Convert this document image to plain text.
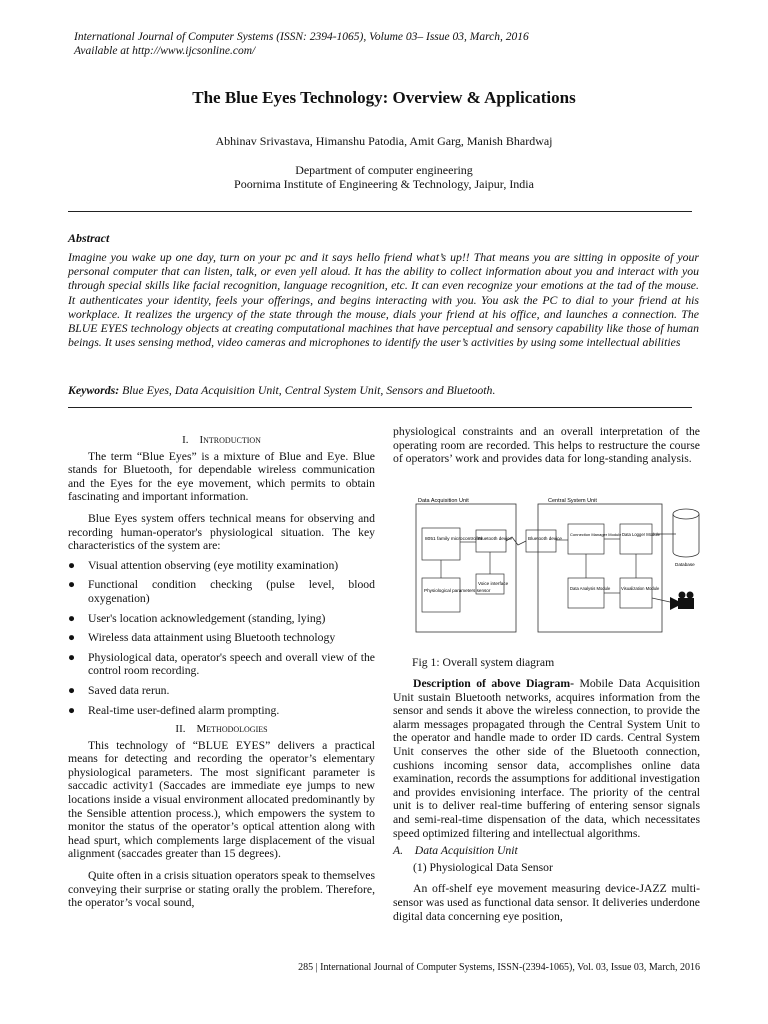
International Journal of Computer Systems (ISSN: 2394-1065), Volume 03– Issue 03, March, 2016
Available at http://www.ijcsonline.com/
The Blue Eyes Technology: Overview & Applications
Abhinav Srivastava, Himanshu Patodia, Amit Garg, Manish Bhardwaj
Department of computer engineering
Poornima Institute of Engineering & Technology, Jaipur, India
Abstract

Imagine you wake up one day, turn on your pc and it says hello friend what’s up!! That means you are sitting in opposite of your personal computer that can listen, talk, or even yell aloud. It has the ability to collect information about you and interact with you through special skills like facial recognition, language recognition, etc. It can even recognize your emotions at the tad of the mouse. It authenticates your identity, feels your offerings, and begins interacting with you. You ask the PC to dial to your friend at his workplace. It realizes the urgency of the state through the mouse, dials your friend at his office, and launches a connection. The BLUE EYES technology objects at creating computational machines that have perceptual and sensory capability like those of human beings. It uses sensing method, video cameras and microphones to identify the user’s activities by using some intellectual abilities

Keywords: Blue Eyes, Data Acquisition Unit, Central System Unit, Sensors and Bluetooth.

I. Introduction

The term “Blue Eyes” is a mixture of Blue and Eye. Blue stands for Bluetooth, for dependable wireless communication and the Eyes for the eye movement, which permits to obtain fascinating and important information.

Blue Eyes system offers technical means for observing and recording human-operator's physiological situation. The key characteristics of the system are:

● Visual attention observing (eye motility examination)
● Functional condition checking (pulse level, blood oxygenation)
● User's location acknowledgement (standing, lying)
● Wireless data attainment using Bluetooth technology
● Physiological data, operator's speech and overall view of the control room recording.
● Saved data rerun.
● Real-time user-defined alarm prompting.

II. Methodologies

This technology of “BLUE EYES” delivers a practical means for detecting and recording the operator’s elementary physiological parameters. The most significant parameter is saccadic activity1 (Saccades are immediate eye jumps to new locations inside a visual environment allocated predominantly by the Sensible attention process.), which empowers the system to monitor the status of the operator’s optical attention along with head spurt, which complements large displacement of the visual alignment (saccades greater than 15 degrees).

Quite often in a crisis situation operators speak to themselves conveying their surprise or stating orally the problem. Therefore, the operator’s vocal sound,

physiological constraints and an overall interpretation of the operating room are recorded. This helps to restructure the course of operators’ work and provides data for long-standing analysis.

Data Acquisition Unit	Central System Unit
8051 family microcontroller
Bluetooth device	Bluetooth device
Physiological parameters sensor
Voice interface
Connection Manager Module Data Logger Module
Data Analysis Module	Visualization Module
Database
Fig 1: Overall system diagram

Description of above Diagram- Mobile Data Acquisition Unit sustain Bluetooth networks, acquires information from the sensor and sends it above the wireless connection, to provide the alarm messages propagated through the Central System Unit to the operator and handle made to order ID cards. Central System Unit conserves the other side of the Bluetooth connection, cushions incoming sensor data, accomplishes online data examination, records the assumptions for additional investigation and provides envisioning interface. The priority of the central unit is to deliver real-time buffering of entering sensor signals and semi-real-time dispensation of the data, which necessitates speed optimized filtering and intellectual algorithms.

A. Data Acquisition Unit

(1) Physiological Data Sensor

An off-shelf eye movement measuring device-JAZZ multi-sensor was used as functional data sensor. It deliveries underdone digital data concerning eye position,

285 | International Journal of Computer Systems, ISSN-(2394-1065), Vol. 03, Issue 03, March, 2016
